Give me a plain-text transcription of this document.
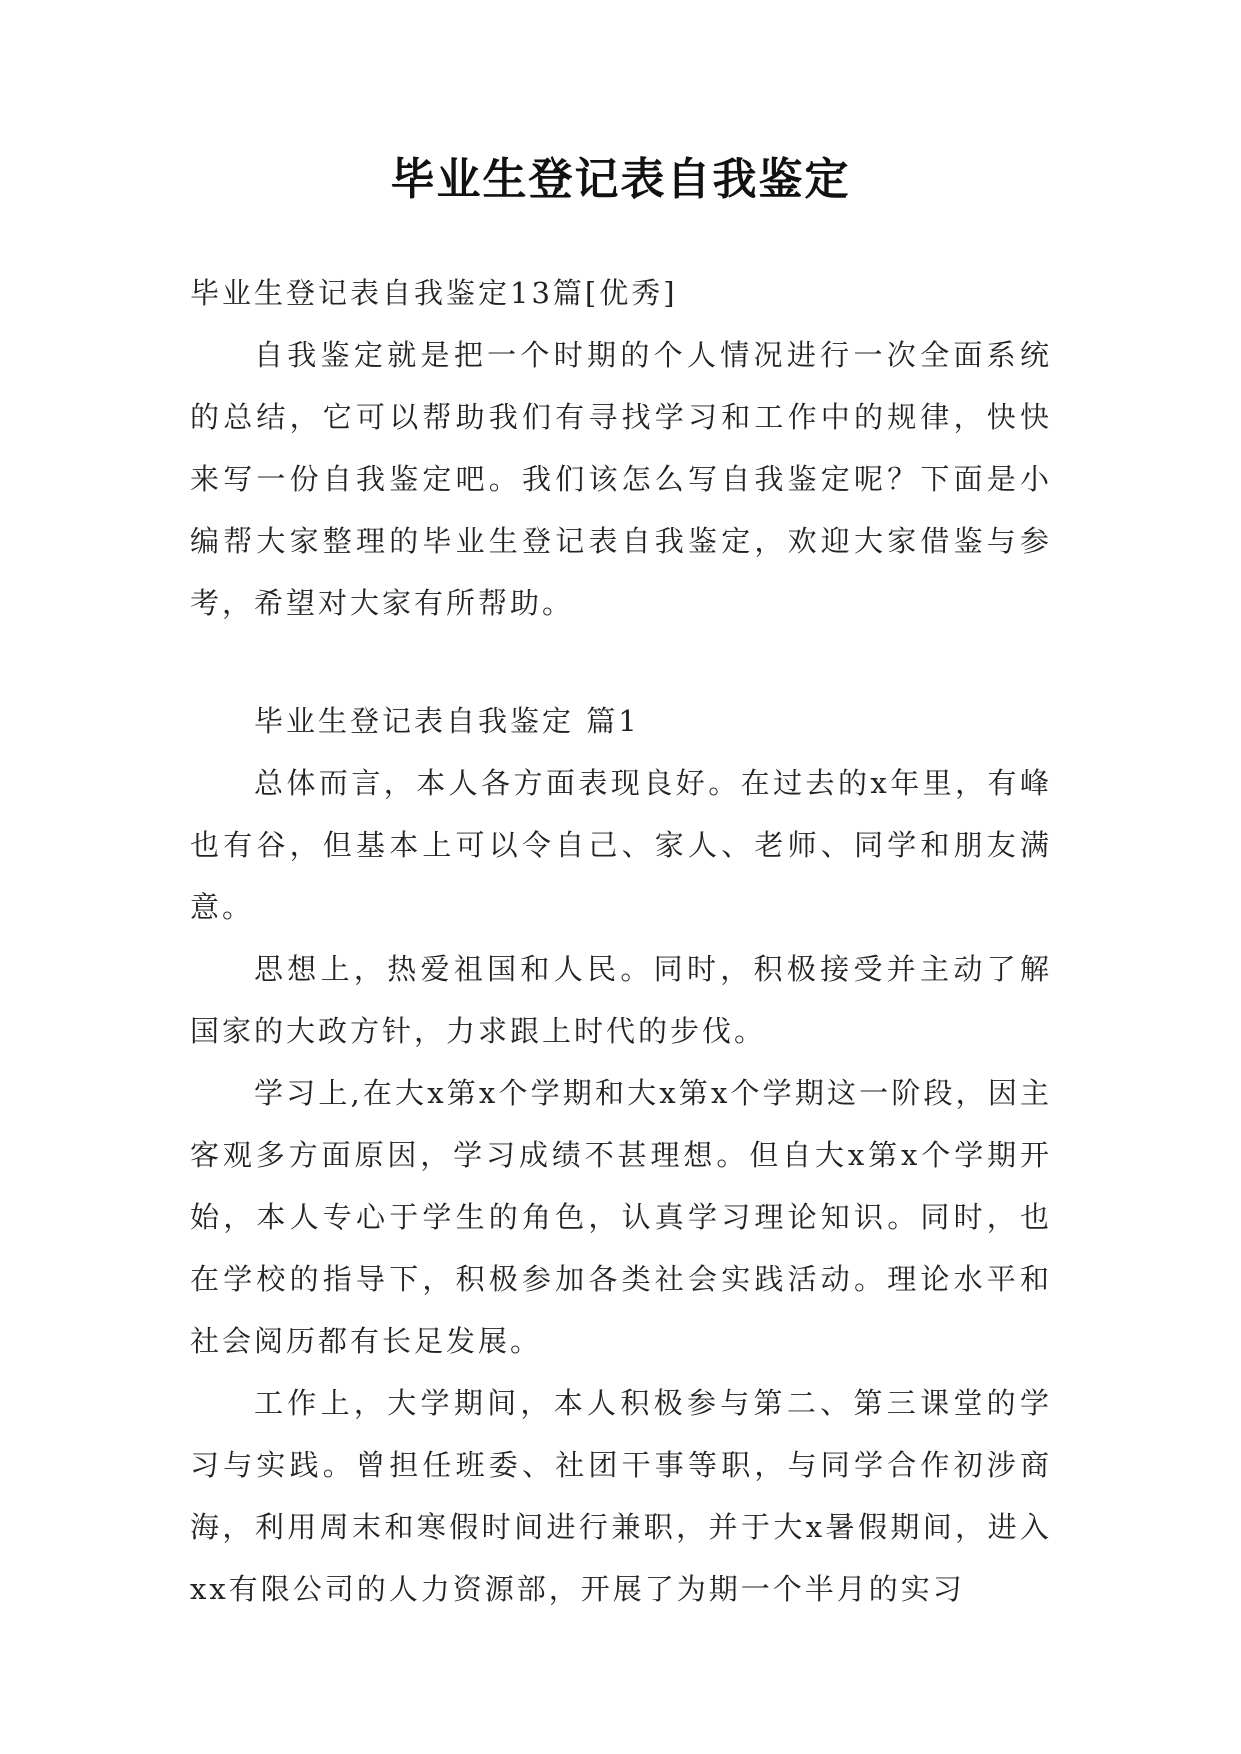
毕业生登记表自我鉴定

毕业生登记表自我鉴定13篇[优秀]

自我鉴定就是把一个时期的个人情况进行一次全面系统的总结，它可以帮助我们有寻找学习和工作中的规律，快快来写一份自我鉴定吧。我们该怎么写自我鉴定呢？下面是小编帮大家整理的毕业生登记表自我鉴定，欢迎大家借鉴与参考，希望对大家有所帮助。

毕业生登记表自我鉴定 篇1

总体而言，本人各方面表现良好。在过去的x年里，有峰也有谷，但基本上可以令自己、家人、老师、同学和朋友满意。

思想上，热爱祖国和人民。同时，积极接受并主动了解国家的大政方针，力求跟上时代的步伐。

学习上,在大x第x个学期和大x第x个学期这一阶段，因主客观多方面原因，学习成绩不甚理想。但自大x第x个学期开始，本人专心于学生的角色，认真学习理论知识。同时，也在学校的指导下，积极参加各类社会实践活动。理论水平和社会阅历都有长足发展。

工作上，大学期间，本人积极参与第二、第三课堂的学习与实践。曾担任班委、社团干事等职，与同学合作初涉商海，利用周末和寒假时间进行兼职，并于大x暑假期间，进入xx有限公司的人力资源部，开展了为期一个半月的实习
